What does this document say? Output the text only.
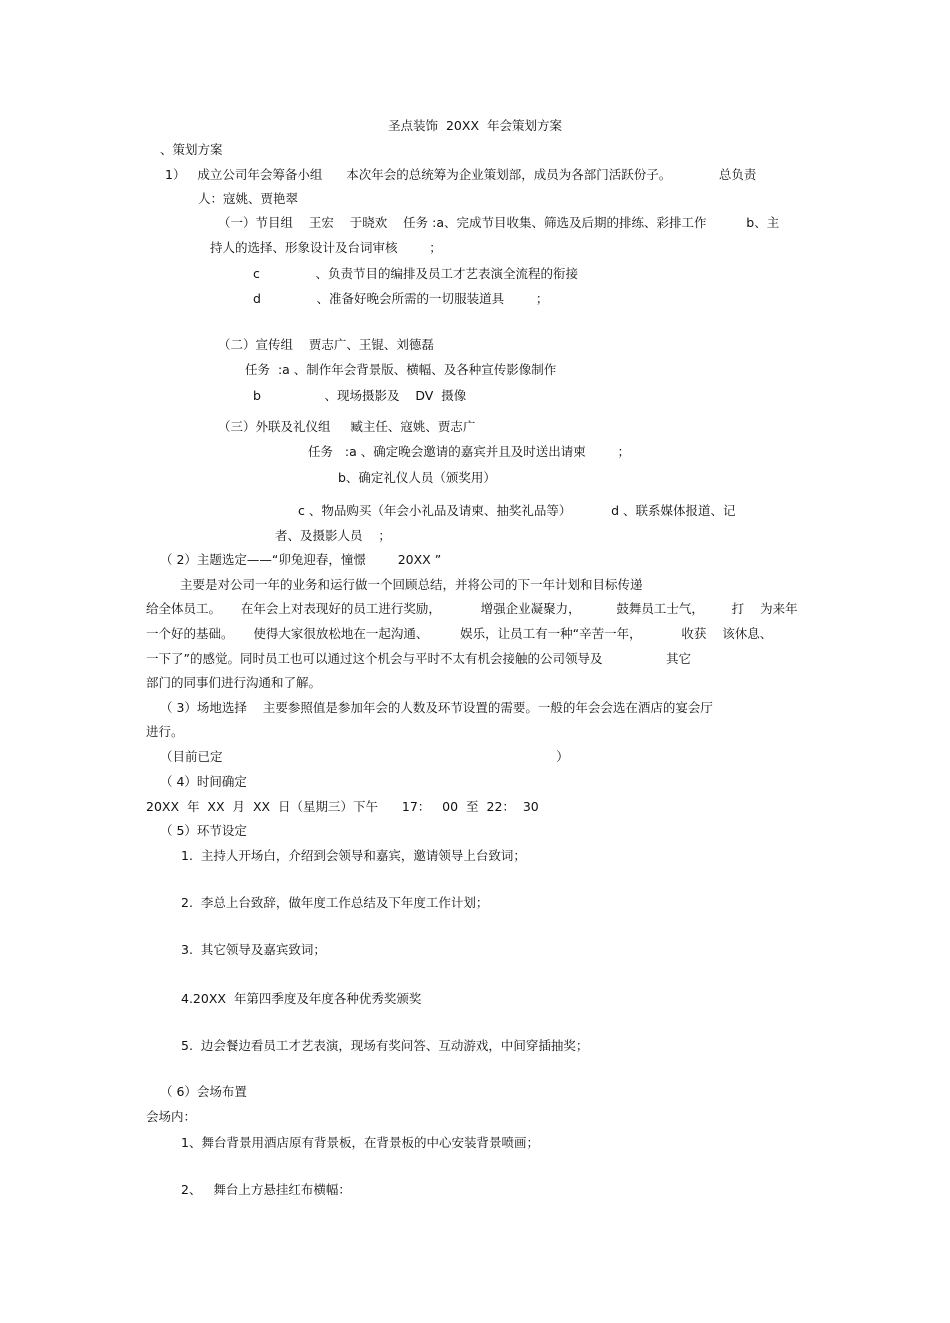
圣点装饰  20XX  年会策划方案
、策划方案
1）   成立公司年会筹备小组      本次年会的总统筹为企业策划部，成员为各部门活跃份子。            总负责
人：寇姚、贾艳翠
（一）节目组    王宏    于晓欢    任务 :a、完成节目收集、筛选及后期的排练、彩排工作          b、主
持人的选择、形象设计及台词审核        ；
c              、负责节目的编排及员工才艺表演全流程的衔接
d              、准备好晚会所需的一切服装道具        ；
（二）宣传组    贾志广、王锟、刘德磊
任务  :a 、制作年会背景版、横幅、及各种宣传影像制作
b                、现场摄影及    DV  摄像
（三）外联及礼仪组     臧主任、寇姚、贾志广
任务   :a 、确定晚会邀请的嘉宾并且及时送出请柬        ；
b、确定礼仪人员（颁奖用）
c 、物品购买（年会小礼品及请柬、抽奖礼品等）          d 、联系媒体报道、记
者、及摄影人员    ；
（ 2）主题选定——“卯兔迎春，憧憬        20XX ”
主要是对公司一年的业务和运行做一个回顾总结，并将公司的下一年计划和目标传递
给全体员工。     在年会上对表现好的员工进行奖励，          增强企业凝聚力，         鼓舞员工士气，       打    为来年
一个好的基础。     使得大家很放松地在一起沟通、        娱乐，让员工有一种“辛苦一年，          收获    该休息、
一下了”的感觉。同时员工也可以通过这个机会与平时不太有机会接触的公司领导及                其它
部门的同事们进行沟通和了解。
（ 3）场地选择    主要参照值是参加年会的人数及环节设置的需要。一般的年会会选在酒店的宴会厅
进行。
（目前已定                                                                                    ）
（ 4）时间确定
20XX  年  XX  月  XX  日（星期三）下午      17：   00  至  22：  30
（ 5）环节设定
1.  主持人开场白，介绍到会领导和嘉宾，邀请领导上台致词；
2.  李总上台致辞，做年度工作总结及下年度工作计划；
3.  其它领导及嘉宾致词；
4.20XX  年第四季度及年度各种优秀奖颁奖
5.  边会餐边看员工才艺表演，现场有奖问答、互动游戏，中间穿插抽奖；
（ 6）会场布置
会场内：
1、舞台背景用酒店原有背景板，在背景板的中心安装背景喷画；
2、   舞台上方悬挂红布横幅：
